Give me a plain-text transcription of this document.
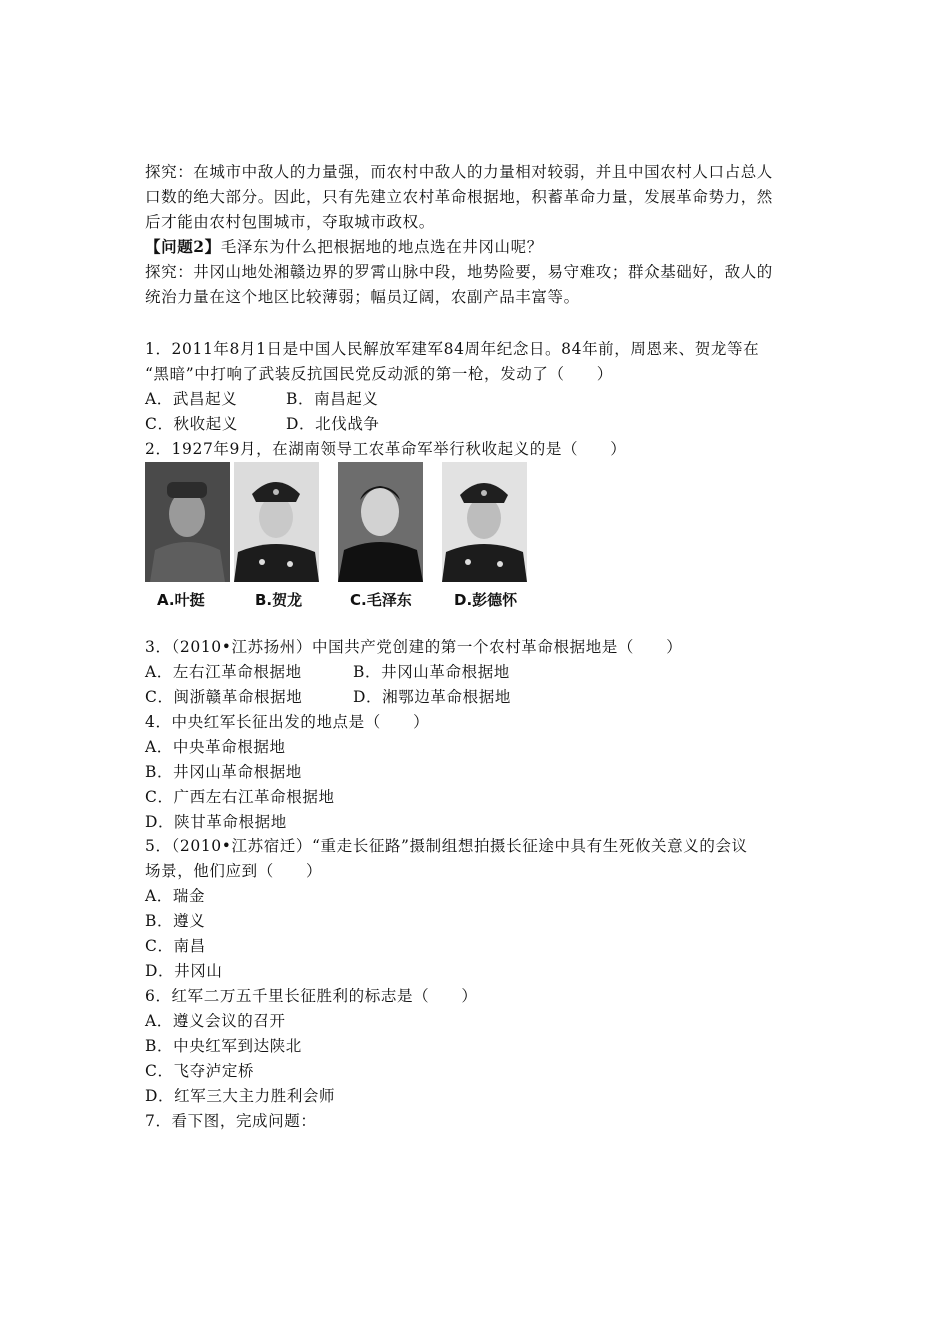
探究：在城市中敌人的力量强，而农村中敌人的力量相对较弱，并且中国农村人口占总人
口数的绝大部分。因此，只有先建立农村革命根据地，积蓄革命力量，发展革命势力，然
后才能由农村包围城市，夺取城市政权。
【问题2】毛泽东为什么把根据地的地点选在井冈山呢？
探究：井冈山地处湘赣边界的罗霄山脉中段，地势险要，易守难攻；群众基础好，敌人的
统治力量在这个地区比较薄弱；幅员辽阔，农副产品丰富等。
1．2011年8月1日是中国人民解放军建军84周年纪念日。84年前，周恩来、贺龙等在
“黑暗”中打响了武装反抗国民党反动派的第一枪，发动了（　　）
A．武昌起义	B．南昌起义
C．秋收起义	D．北伐战争
2．1927年9月，在湖南领导工农革命军举行秋收起义的是（　　）
A.叶挺	B.贺龙	C.毛泽东	D.彭德怀
3．（2010•江苏扬州）中国共产党创建的第一个农村革命根据地是（　　）
A．左右江革命根据地	B．井冈山革命根据地
C．闽浙赣革命根据地	D．湘鄂边革命根据地
4．中央红军长征出发的地点是（　　）
A．中央革命根据地
B．井冈山革命根据地
C．广西左右江革命根据地
D．陕甘革命根据地
5．（2010•江苏宿迁）“重走长征路”摄制组想拍摄长征途中具有生死攸关意义的会议
场景，他们应到（　　）
A．瑞金
B．遵义
C．南昌
D．井冈山
6．红军二万五千里长征胜利的标志是（　　）
A．遵义会议的召开
B．中央红军到达陕北
C．飞夺泸定桥
D．红军三大主力胜利会师
7．看下图，完成问题：
